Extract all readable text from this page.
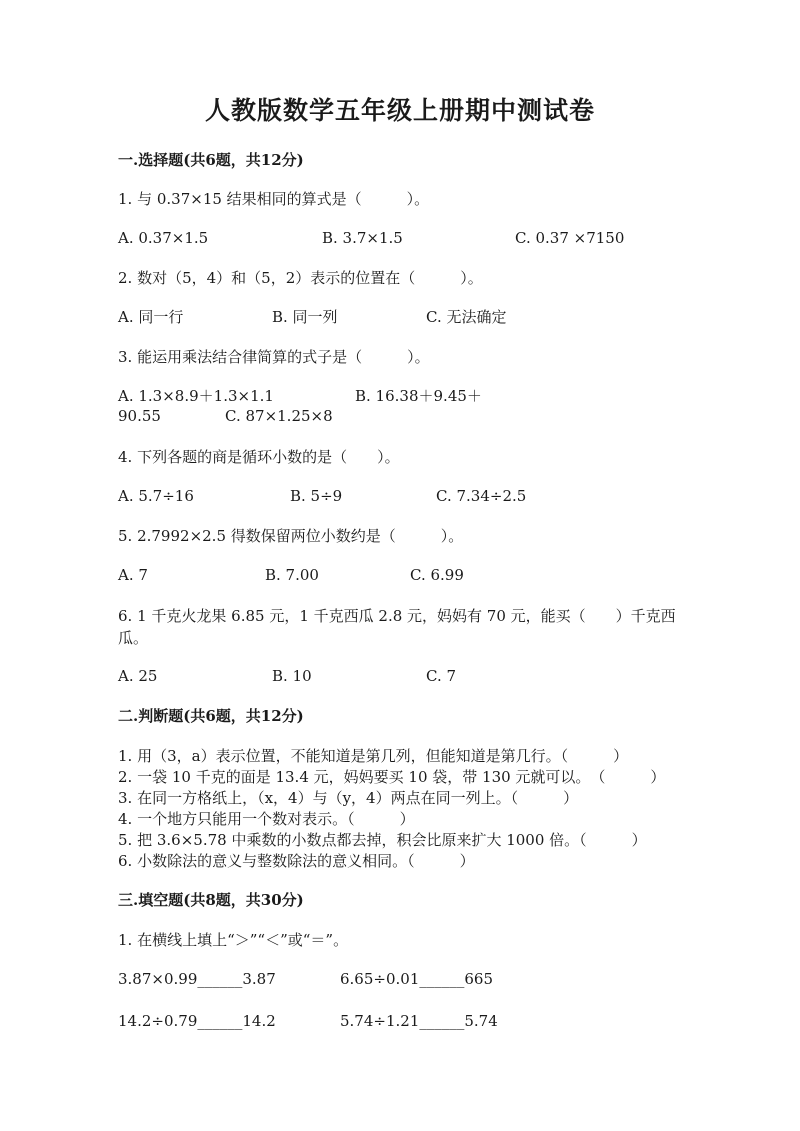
人教版数学五年级上册期中测试卷
一.选择题(共6题，共12分)
1. 与 0.37×15 结果相同的算式是（　　　）。
A. 0.37×1.5	B. 3.7×1.5	C. 0.37 ×7150
2. 数对（5，4）和（5，2）表示的位置在（　　　）。
A. 同一行	B. 同一列	C. 无法确定
3. 能运用乘法结合律简算的式子是（　　　）。
A. 1.3×8.9＋1.3×1.1	B. 16.38＋9.45＋
90.55	C. 87×1.25×8
4. 下列各题的商是循环小数的是（　　）。
A. 5.7÷16	B. 5÷9	C. 7.34÷2.5
5. 2.7992×2.5 得数保留两位小数约是（　　　）。
A. 7	B. 7.00	C. 6.99
6. 1 千克火龙果 6.85 元，1 千克西瓜 2.8 元，妈妈有 70 元，能买（　　）千克西瓜。
A. 25	B. 10	C. 7
二.判断题(共6题，共12分)
1. 用（3，a）表示位置，不能知道是第几列，但能知道是第几行。（　　　）
2. 一袋 10 千克的面是 13.4 元，妈妈要买 10 袋，带 130 元就可以。　（　　　）
3. 在同一方格纸上，（x，4）与（y，4）两点在同一列上。（　　　）
4. 一个地方只能用一个数对表示。（　　　）
5. 把 3.6×5.78 中乘数的小数点都去掉，积会比原来扩大 1000 倍。（　　　）
6. 小数除法的意义与整数除法的意义相同。（　　　）
三.填空题(共8题，共30分)
1. 在横线上填上“＞”“＜”或“＝”。
3.87×0.99______3.87	6.65÷0.01______665
14.2÷0.79______14.2	5.74÷1.21______5.74
